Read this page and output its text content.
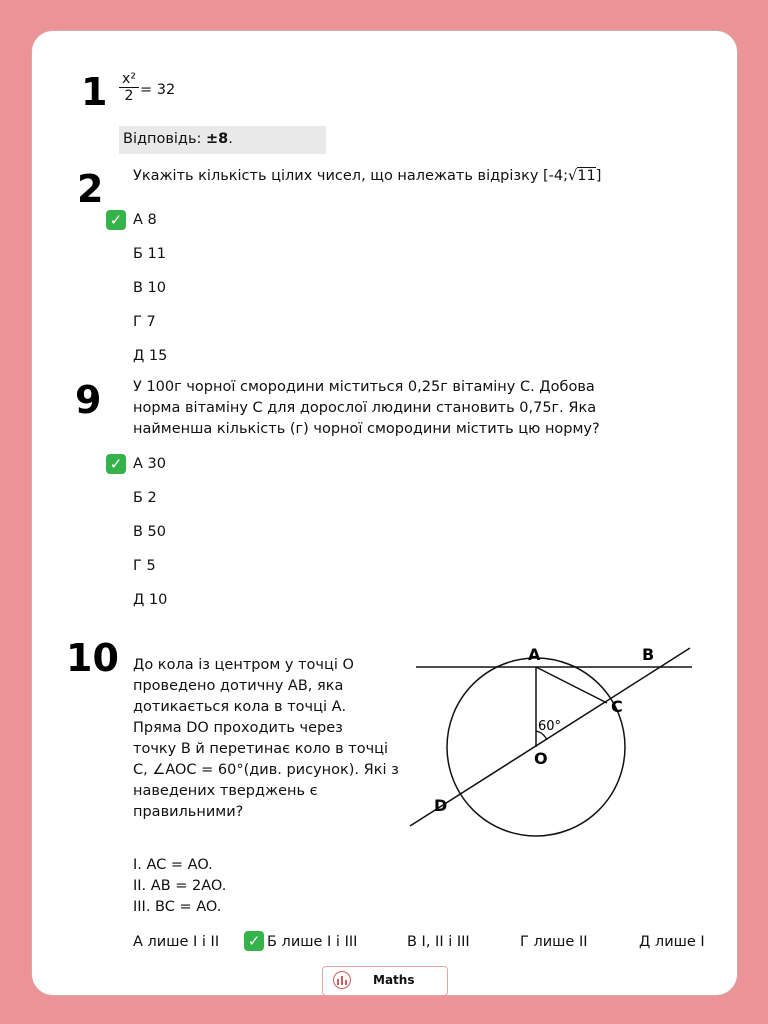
1 x²
2 = 32
Відповідь: ±8.
2 Укажіть кількість цілих чисел, що належать відрізку [-4;√11]
✓ А 8
Б 11
В 10
Г 7
Д 15
9 У 100г чорної смородини міститься 0,25г вітаміну С. Добова
норма вітаміну С для дорослої людини становить 0,75г. Яка
найменша кількість (г) чорної смородини містить цю норму?
✓ А 30
Б 2
В 50
Г 5
Д 10
10 До кола із центром у точці О
проведено дотичну АВ, яка
дотикається кола в точці А.
Пряма DO проходить через
точку В й перетинає коло в точці
С, ∠AOC = 60°(див. рисунок). Які з
наведених тверджень є
правильними?
A	B
C
D
O
60°
I. AC = AO.
II. AB = 2AO.
III. BC = AO.
А лише I і II ✓ Б лише I і III	В I, II і III	Г лише II	Д лише I
Maths
